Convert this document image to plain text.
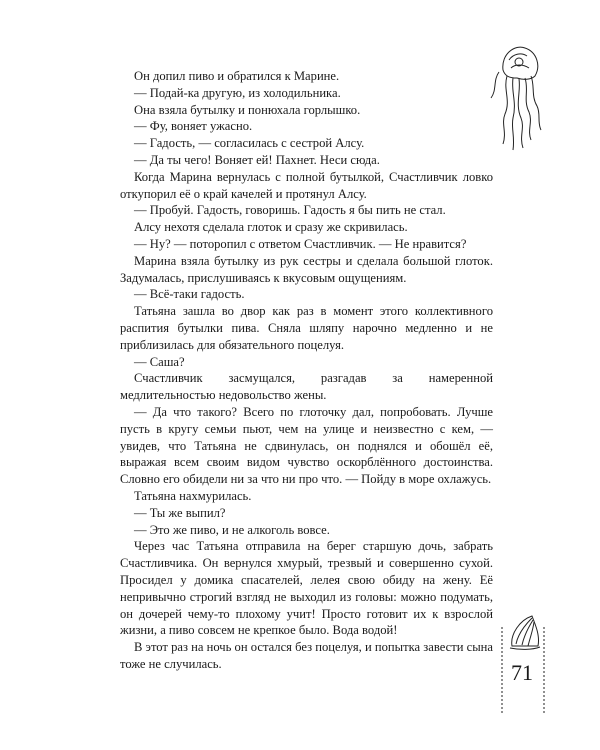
Он допил пиво и обратился к Марине.

— Подай-ка другую, из холодильника.

Она взяла бутылку и понюхала горлышко.

— Фу, воняет ужасно.

— Гадость, — согласилась с сестрой Алсу.

— Да ты чего! Воняет ей! Пахнет. Неси сюда.

Когда Марина вернулась с полной бутылкой, Счастливчик ловко откупорил её о край качелей и протянул Алсу.

— Пробуй. Гадость, говоришь. Гадость я бы пить не стал.

Алсу нехотя сделала глоток и сразу же скривилась.

— Ну? — поторопил с ответом Счастливчик. — Не нравится?

Марина взяла бутылку из рук сестры и сделала большой глоток. Задумалась, прислушиваясь к вкусовым ощущениям.

— Всё-таки гадость.

Татьяна зашла во двор как раз в момент этого коллективного распития бутылки пива. Сняла шляпу нарочно медленно и не приблизилась для обязательного поцелуя.

— Саша?

Счастливчик засмущался, разгадав за намеренной медлительностью недовольство жены.

— Да что такого? Всего по глоточку дал, попробовать. Лучше пусть в кругу семьи пьют, чем на улице и неизвестно с кем, — увидев, что Татьяна не сдвинулась, он поднялся и обошёл её, выражая всем своим видом чувство оскорблённого достоинства. Словно его обидели ни за что ни про что. — Пойду в море охлажусь.

Татьяна нахмурилась.

— Ты же выпил?

— Это же пиво, и не алкоголь вовсе.

Через час Татьяна отправила на берег старшую дочь, забрать Счастливчика. Он вернулся хмурый, трезвый и совершенно сухой. Просидел у домика спасателей, лелея свою обиду на жену. Её непривычно строгий взгляд не выходил из головы: можно подумать, он дочерей чему-то плохому учит! Просто готовит их к взрослой жизни, а пиво совсем не крепкое было. Вода водой!

В этот раз на ночь он остался без поцелуя, и попытка завести сына тоже не случилась.	71
